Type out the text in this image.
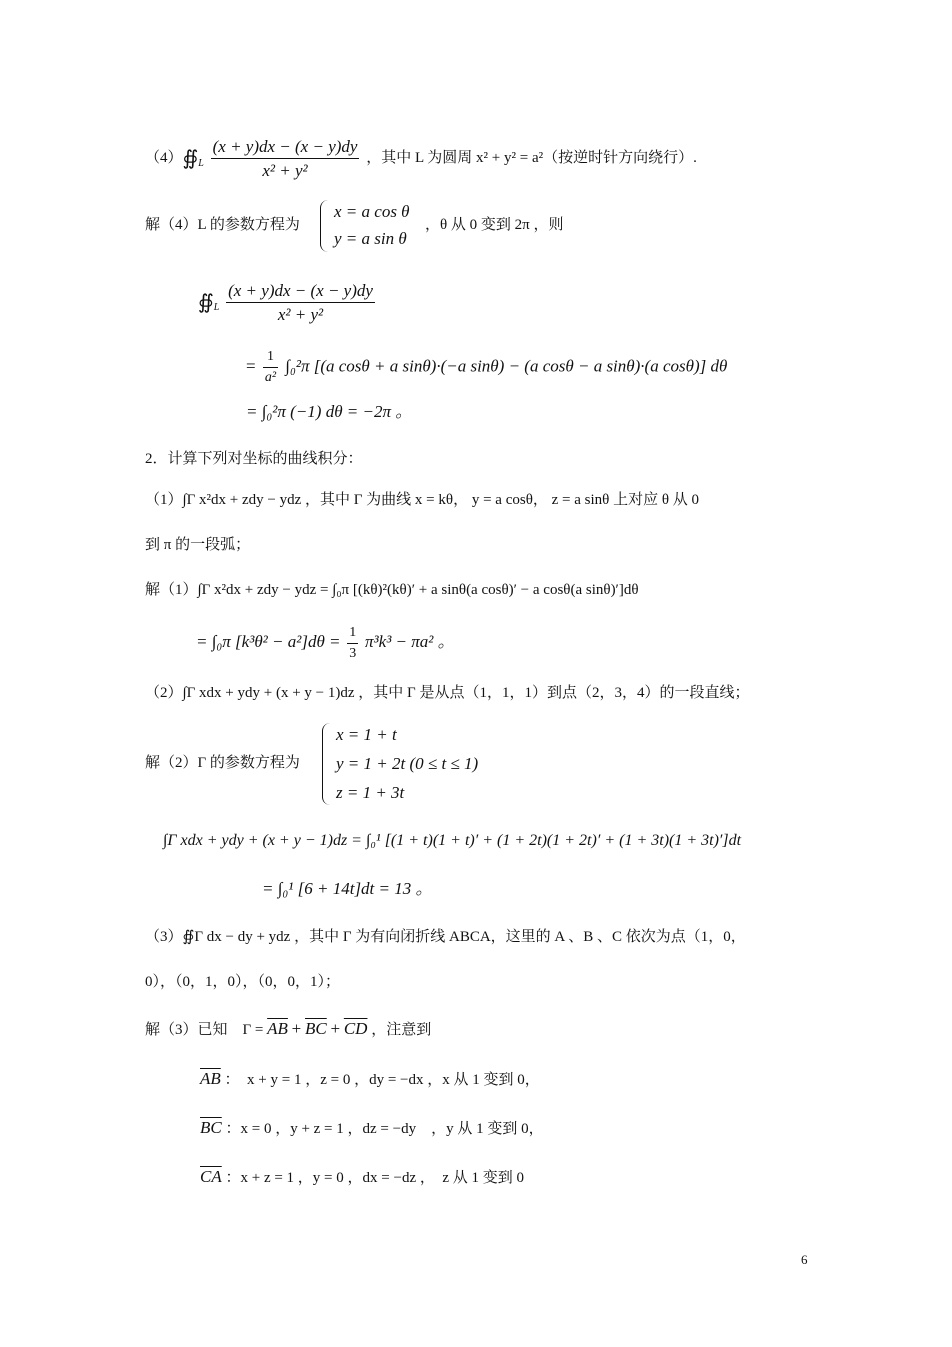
$(4)∯_L \frac{(x + y)dx - (x - y)dy}{\text{x² + y²}}$ ，其中 L 为圆周 x² + y² = a²（按逆时针方向绕行）.
解（4）L 的参数方程为
x = a cos θ
y = a sin θ
，θ 从 0 变到 2π ，则
$∯_L \frac{(x + y)dx - (x - y)dy}{\text{x² + y²}}$
= $\frac{1}{\text{a²}} \int_0^2\pi$ [(a cosθ + a sinθ)·(−a sinθ) − (a cosθ − a sinθ)·(a cosθ)] dθ
= ∫₀²π (−1) dθ = −2π 。
2．计算下列对坐标的曲线积分：
（1）∫Γ x²dx + zdy − ydz ，其中 Γ 为曲线 x = kθ， y = a cosθ， z = a sinθ 上对应 θ 从 0
到 π 的一段弧；
解（1）∫Γ x²dx + zdy − ydz = ∫₀π [(kθ)²(kθ)′ + a sinθ(a cosθ)′ − a cosθ(a sinθ)′]dθ
= ∫₀π $[k^3\theta^2 - a^2]d\theta = \frac{1}{3} \pi^3k^3 - \pi a^2$ 。
（2）∫Γ xdx + ydy + (x + y − 1)dz ，其中 Γ 是从点（1，1，1）到点（2，3，4）的一段直线；
解（2）Γ 的参数方程为
x = 1 + t
y = 1 + 2t (0 ≤ t ≤ 1)
z = 1 + 3t
∫Γ xdx + ydy + (x + y − 1)dz = ∫₀¹ [(1 + t)(1 + t)′ + (1 + 2t)(1 + 2t)′ + (1 + 3t)(1 + 3t)′]dt
= ∫₀¹ [6 + 14t]dt = 13 。
（3）∯Γ dx − dy + ydz ，其中 Γ 为有向闭折线 ABCA，这里的 A 、B 、C 依次为点（1，0，
0），（0，1，0），（0，0，1）；
解（3）已知　$\Gamma = \overline{AB} + \overline{BC} + \overline{CD}$ ，注意到
$\overline{AB}$ ：　x + y = 1 ，z = 0 ，dy = −dx ，x 从 1 变到 0，
$\overline{BC}$ ：x = 0 ，y + z = 1 ，dz = −dy　，y 从 1 变到 0，
$\overline{CA}$ ：x + z = 1 ，y = 0 ，dx = −dz ，　z 从 1 变到 0
6
